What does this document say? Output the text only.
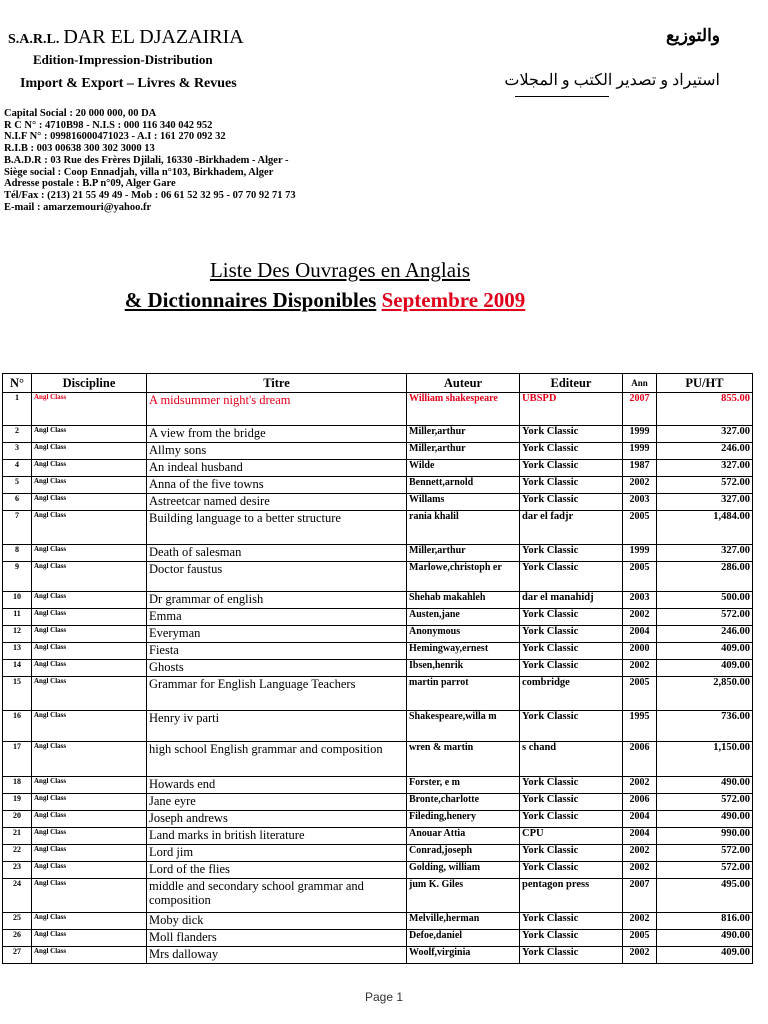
S.A.R.L. DAR EL DJAZAIRIA
Edition-Impression-Distribution
Import & Export – Livres & Revues
والتوزيع
استيراد و تصدير الكتب و المجلات
Capital Social : 20 000 000, 00 DA
R C N° : 4710B98 - N.I.S : 000 116 340 042 952
N.I.F N° : 099816000471023 - A.I : 161 270 092 32
R.I.B : 003 00638 300 302 3000 13
B.A.D.R : 03 Rue des Frères Djilali, 16330 -Birkhadem - Alger -
Siège social : Coop Ennadjah, villa n°103, Birkhadem, Alger
Adresse postale : B.P n°09, Alger Gare
Tél/Fax : (213) 21 55 49 49 - Mob : 06 61 52 32 95 - 07 70 92 71 73
E-mail : amarzemouri@yahoo.fr
Liste Des Ouvrages en Anglais
& Dictionnaires Disponibles Septembre 2009
N°	Discipline	Titre	Auteur	Editeur	Ann	PU/HT
1	Angl Class	A midsummer night's dream	William shakespeare	UBSPD	2007	855.00
2	Angl Class	A view from the bridge	Miller,arthur	York Classic	1999	327.00
3	Angl Class	Allmy sons	Miller,arthur	York Classic	1999	246.00
4	Angl Class	An indeal husband	Wilde	York Classic	1987	327.00
5	Angl Class	Anna of the five towns	Bennett,arnold	York Classic	2002	572.00
6	Angl Class	Astreetcar named desire	Willams	York Classic	2003	327.00
7	Angl Class	Building language to a better structure	rania khalil	dar el fadjr	2005	1,484.00
8	Angl Class	Death of salesman	Miller,arthur	York Classic	1999	327.00
9	Angl Class	Doctor faustus	Marlowe,christoph er	York Classic	2005	286.00
10	Angl Class	Dr grammar of english	Shehab makahleh	dar el manahidj	2003	500.00
11	Angl Class	Emma	Austen,jane	York Classic	2002	572.00
12	Angl Class	Everyman	Anonymous	York Classic	2004	246.00
13	Angl Class	Fiesta	Hemingway,ernest	York Classic	2000	409.00
14	Angl Class	Ghosts	Ibsen,henrik	York Classic	2002	409.00
15	Angl Class	Grammar for English Language Teachers	martin parrot	combridge	2005	2,850.00
16	Angl Class	Henry iv parti	Shakespeare,willa m	York Classic	1995	736.00
17	Angl Class	high school English grammar and composition	wren & martin	s chand	2006	1,150.00
18	Angl Class	Howards end	Forster, e m	York Classic	2002	490.00
19	Angl Class	Jane eyre	Bronte,charlotte	York Classic	2006	572.00
20	Angl Class	Joseph andrews	Fileding,henery	York Classic	2004	490.00
21	Angl Class	Land marks in british literature	Anouar Attia	CPU	2004	990.00
22	Angl Class	Lord jim	Conrad,joseph	York Classic	2002	572.00
23	Angl Class	Lord of the flies	Golding, william	York Classic	2002	572.00
24	Angl Class	middle and secondary school grammar and composition	jum K. Giles	pentagon press	2007	495.00
25	Angl Class	Moby dick	Melville,herman	York Classic	2002	816.00
26	Angl Class	Moll flanders	Defoe,daniel	York Classic	2005	490.00
27	Angl Class	Mrs dalloway	Woolf,virginia	York Classic	2002	409.00
Page 1
